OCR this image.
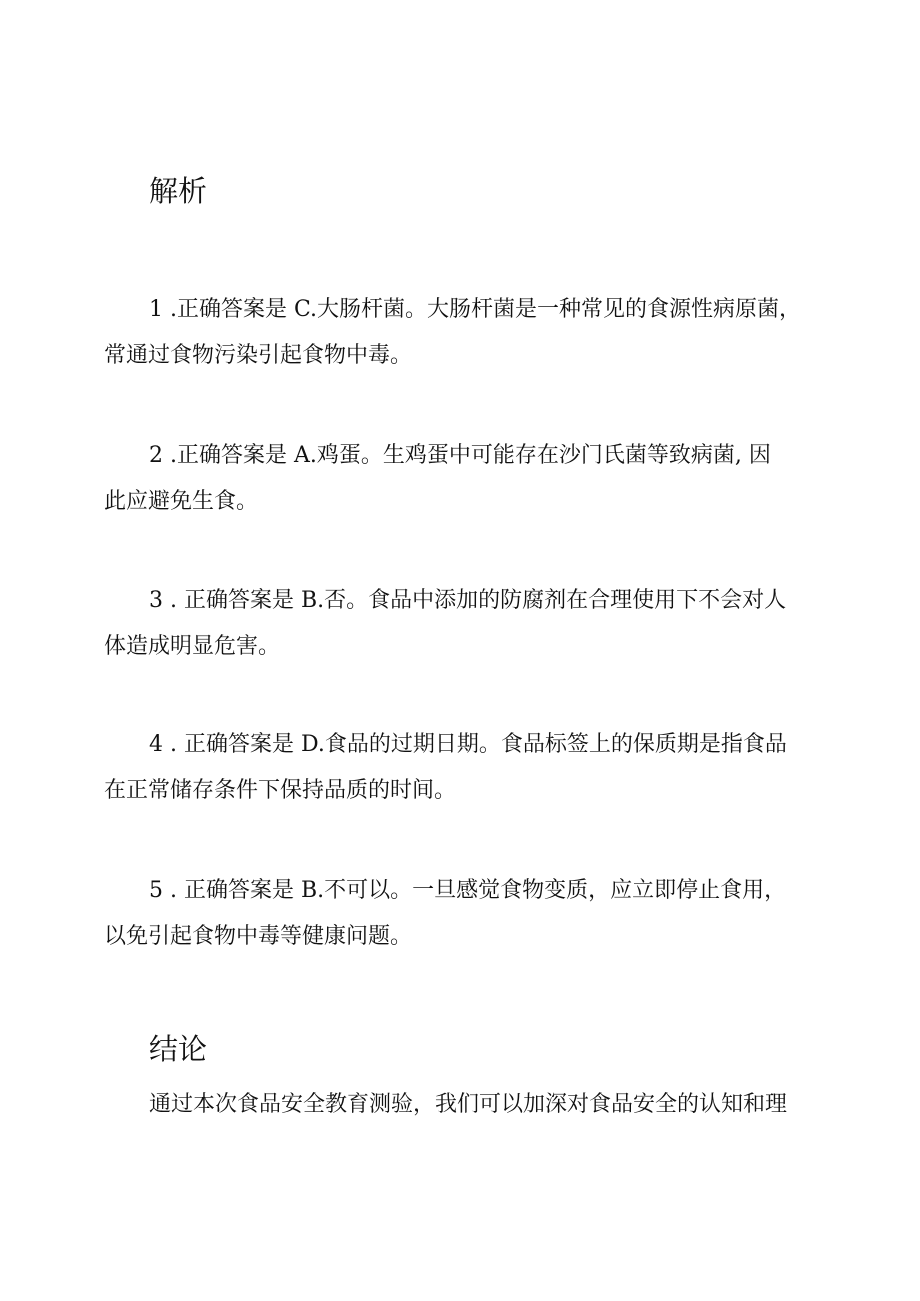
解析

1 .正确答案是 C.大肠杆菌。大肠杆菌是一种常见的食源性病原菌，
常通过食物污染引起食物中毒。

2 .正确答案是 A.鸡蛋。生鸡蛋中可能存在沙门氏菌等致病菌, 因
此应避免生食。

3 . 正确答案是 B.否。食品中添加的防腐剂在合理使用下不会对人
体造成明显危害。

4 . 正确答案是 D.食品的过期日期。食品标签上的保质期是指食品
在正常储存条件下保持品质的时间。

5 . 正确答案是 B.不可以。一旦感觉食物变质，应立即停止食用，
以免引起食物中毒等健康问题。

结论

通过本次食品安全教育测验，我们可以加深对食品安全的认知和理
